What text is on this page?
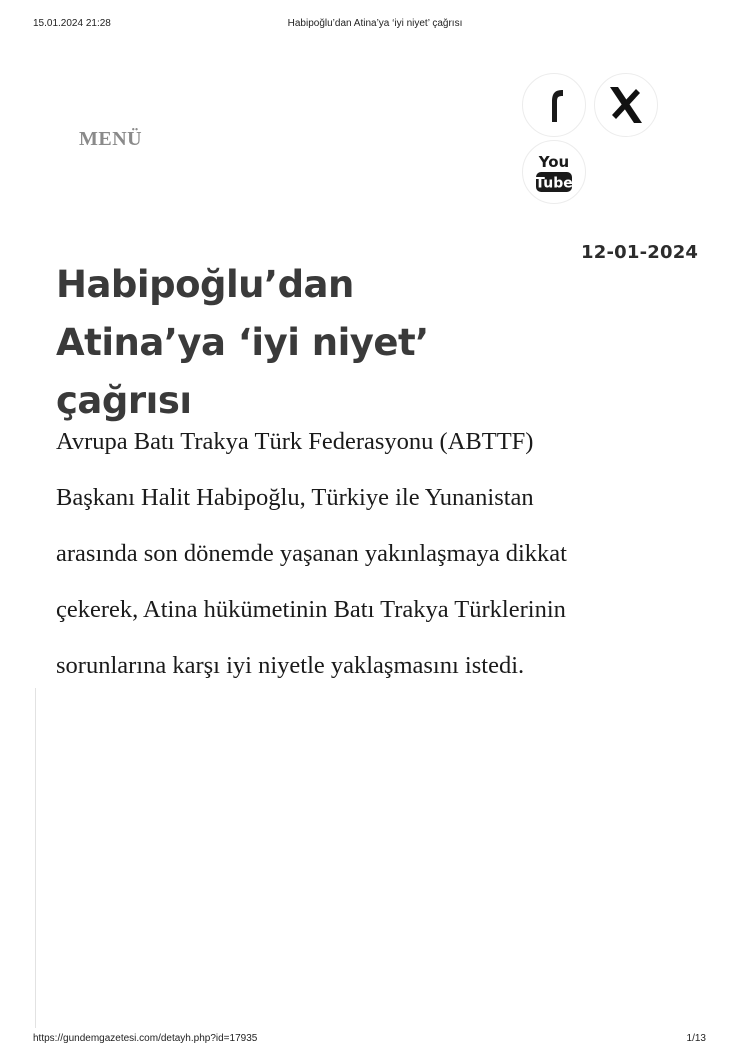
15.01.2024 21:28	Habipoğlu’dan Atina’ya ‘iyi niyet’ çağrısı
MENÜ
You
Tube
12-01-2024
Habipoğlu’dan
Atina’ya ‘iyi niyet’ çağrısı

Avrupa Batı Trakya Türk Federasyonu (ABTTF)
Başkanı Halit Habipoğlu, Türkiye ile Yunanistan
arasında son dönemde yaşanan yakınlaşmaya dikkat
çekerek, Atina hükümetinin Batı Trakya Türklerinin
sorunlarına karşı iyi niyetle yaklaşmasını istedi.

https://gundemgazetesi.com/detayh.php?id=17935	1/13
